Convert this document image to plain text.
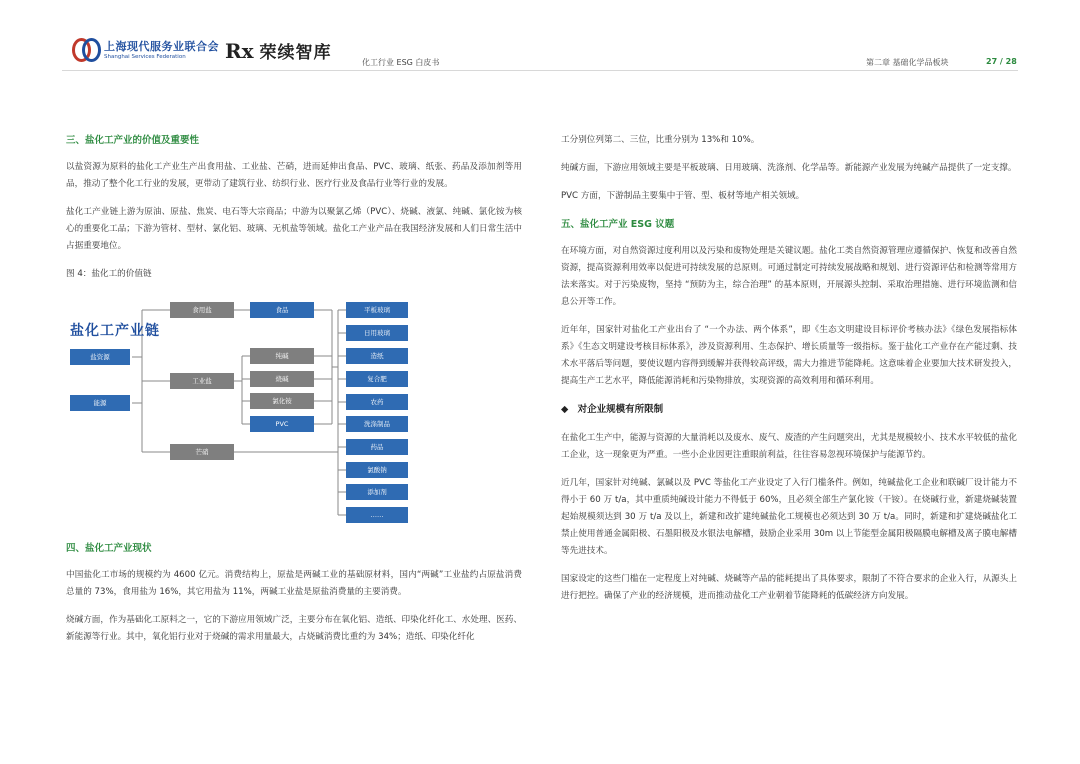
上海现代服务业联合会
Shanghai Services Federation	Rx 荣续智库	化工行业 ESG 白皮书	第二章 基础化学品板块	27 / 28
三、盐化工产业的价值及重要性

以盐资源为原料的盐化工产业生产出食用盐、工业盐、芒硝，进而延伸出食品、PVC、玻璃、纸张、药品及添加剂等用品，推动了整个化工行业的发展，更带动了建筑行业、纺织行业、医疗行业及食品行业等行业的发展。

盐化工产业链上游为原油、原盐、焦炭、电石等大宗商品；中游为以聚氯乙烯（PVC）、烧碱、液氯、纯碱、氯化铵为核心的重要化工品；下游为管材、型材、氯化铝、玻璃、无机盐等领域。盐化工产业产品在我国经济发展和人们日常生活中占据重要地位。

图 4：盐化工的价值链
盐化工产业链
盐资源
能源
食用盐
工业盐
芒硝
食品
纯碱
烧碱
氯化铵
PVC
平板玻璃
日用玻璃
造纸
复合肥
农药
洗涤制品
药品
氯酸钠
添加剂
……
四、盐化工产业现状

中国盐化工市场的规模约为 4600 亿元。消费结构上，原盐是两碱工业的基础原材料，国内“两碱”工业盐约占原盐消费总量的 73%，食用盐为 16%，其它用盐为 11%，两碱工业盐是原盐消费量的主要消费。

烧碱方面，作为基础化工原料之一，它的下游应用领域广泛，主要分布在氧化铝、造纸、印染化纤化工、水处理、医药、新能源等行业。其中，氧化铝行业对于烧碱的需求用量最大，占烧碱消费比重约为 34%；造纸、印染化纤化

工分别位列第二、三位，比重分别为 13%和 10%。

纯碱方面，下游应用领域主要是平板玻璃、日用玻璃、洗涤剂、化学品等。新能源产业发展为纯碱产品提供了一定支撑。

PVC 方面，下游制品主要集中于管、型、板材等地产相关领域。

五、盐化工产业 ESG 议题

在环境方面，对自然资源过度利用以及污染和废物处理是关键议题。盐化工类自然资源管理应遵循保护、恢复和改善自然资源，提高资源利用效率以促进可持续发展的总原则。可通过制定可持续发展战略和规划、进行资源评估和检测等常用方法来落实。对于污染废物，坚持 “预防为主，综合治理” 的基本原则，开展源头控制、采取治理措施、进行环境监测和信息公开等工作。

近年年，国家针对盐化工产业出台了 “一个办法、两个体系”，即《生态文明建设目标评价考核办法》《绿色发展指标体系》《生态文明建设考核目标体系》，涉及资源利用、生态保护、增长质量等一级指标。鉴于盐化工产业存在产能过剩、技术水平落后等问题，要使议题内容得到缓解并获得较高评级，需大力推进节能降耗。这意味着企业要加大技术研发投入，提高生产工艺水平，降低能源消耗和污染物排放，实现资源的高效利用和循环利用。

◆ 对企业规模有所限制

在盐化工生产中，能源与资源的大量消耗以及废水、废气、废渣的产生问题突出，尤其是规模较小、技术水平较低的盐化工企业，这一现象更为严重。一些小企业因更注重眼前利益，往往容易忽视环境保护与能源节约。

近几年，国家针对纯碱、氯碱以及 PVC 等盐化工产业设定了入行门槛条件。例如，纯碱盐化工企业和联碱厂设计能力不得小于 60 万 t/a，其中重质纯碱设计能力不得低于 60%，且必须全部生产氯化铵（干铵）。在烧碱行业，新建烧碱装置起始规模须达到 30 万 t/a 及以上，新建和改扩建纯碱盐化工规模也必须达到 30 万 t/a。同时，新建和扩建烧碱盐化工禁止使用普通金属阳极、石墨阳极及水银法电解槽，鼓励企业采用 30m 以上节能型金属阳极隔膜电解槽及离子膜电解槽等先进技术。

国家设定的这些门槛在一定程度上对纯碱、烧碱等产品的能耗提出了具体要求，限制了不符合要求的企业入行，从源头上进行把控。确保了产业的经济规模，进而推动盐化工产业朝着节能降耗的低碳经济方向发展。
